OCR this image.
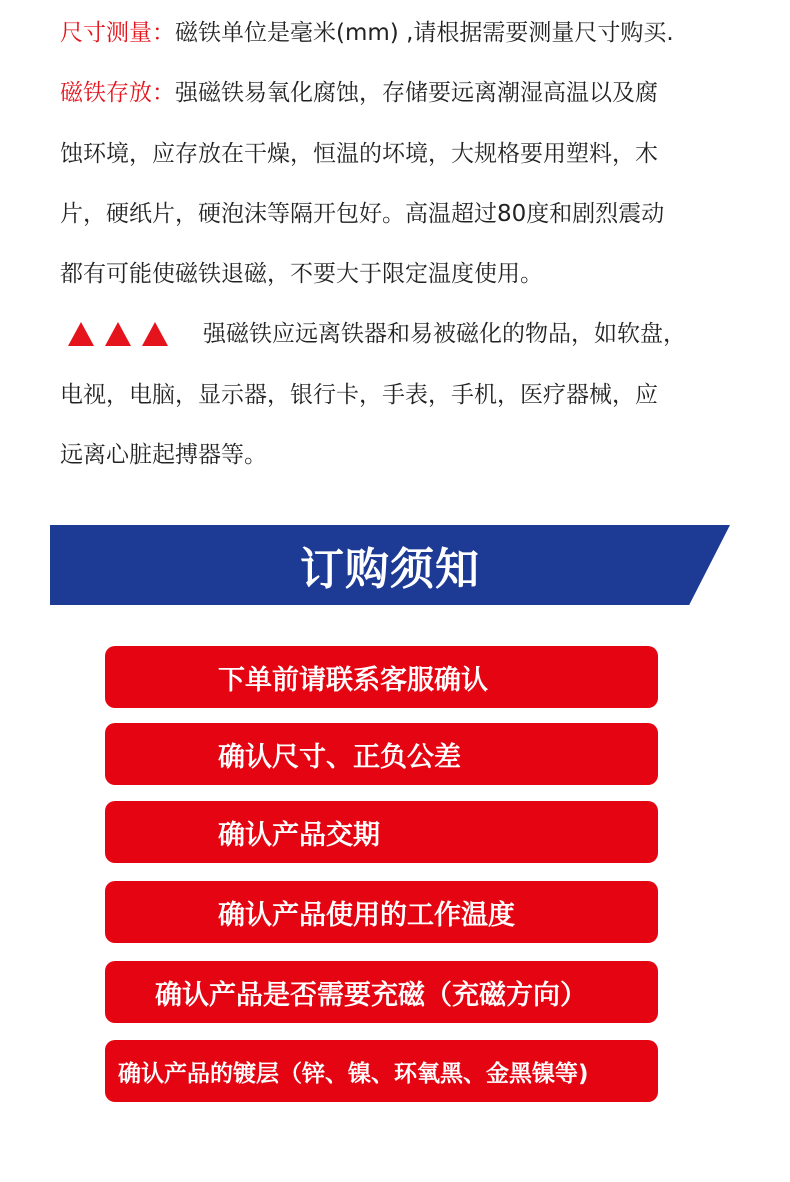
尺寸测量：磁铁单位是毫米(mm) ,请根据需要测量尺寸购买.
磁铁存放：强磁铁易氧化腐蚀，存储要远离潮湿高温以及腐
蚀环境，应存放在干燥，恒温的坏境，大规格要用塑料，木
片，硬纸片，硬泡沫等隔开包好。高温超过80度和剧烈震动
都有可能使磁铁退磁，不要大于限定温度使用。
强磁铁应远离铁器和易被磁化的物品，如软盘，
电视，电脑，显示器，银行卡，手表，手机，医疗器械，应
远离心脏起搏器等。
订购须知
下单前请联系客服确认
确认尺寸、正负公差
确认产品交期
确认产品使用的工作温度
确认产品是否需要充磁（充磁方向）
确认产品的镀层（锌、镍、环氧黑、金黑镍等)
